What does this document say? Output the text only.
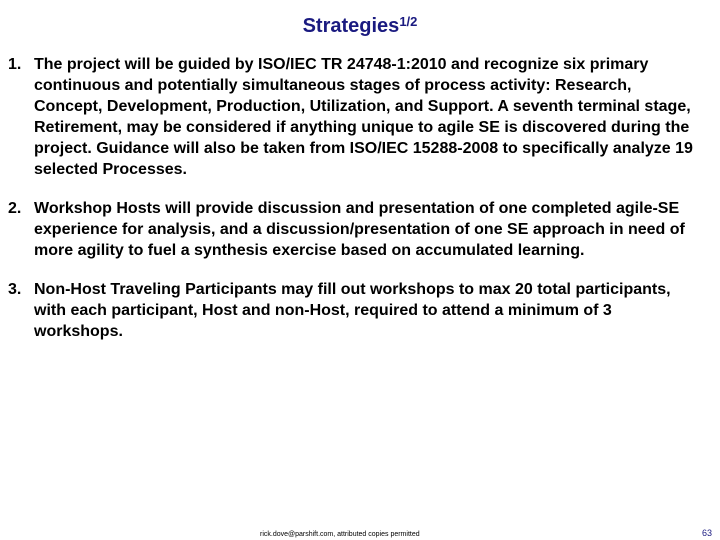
Strategies$^{1/2}$
1. The project will be guided by ISO/IEC TR 24748-1:2010 and recognize six primary continuous and potentially simultaneous stages of process activity: Research, Concept, Development, Production, Utilization, and Support. A seventh terminal stage, Retirement, may be considered if anything unique to agile SE is discovered during the project. Guidance will also be taken from ISO/IEC 15288-2008 to specifically analyze 19 selected Processes.
2. Workshop Hosts will provide discussion and presentation of one completed agile-SE experience for analysis, and a discussion/presentation of one SE approach in need of more agility to fuel a synthesis exercise based on accumulated learning.
3. Non-Host Traveling Participants may fill out workshops to max 20 total participants, with each participant, Host and non-Host, required to attend a minimum of 3 workshops.
rick.dove@parshift.com, attributed copies permitted	63
